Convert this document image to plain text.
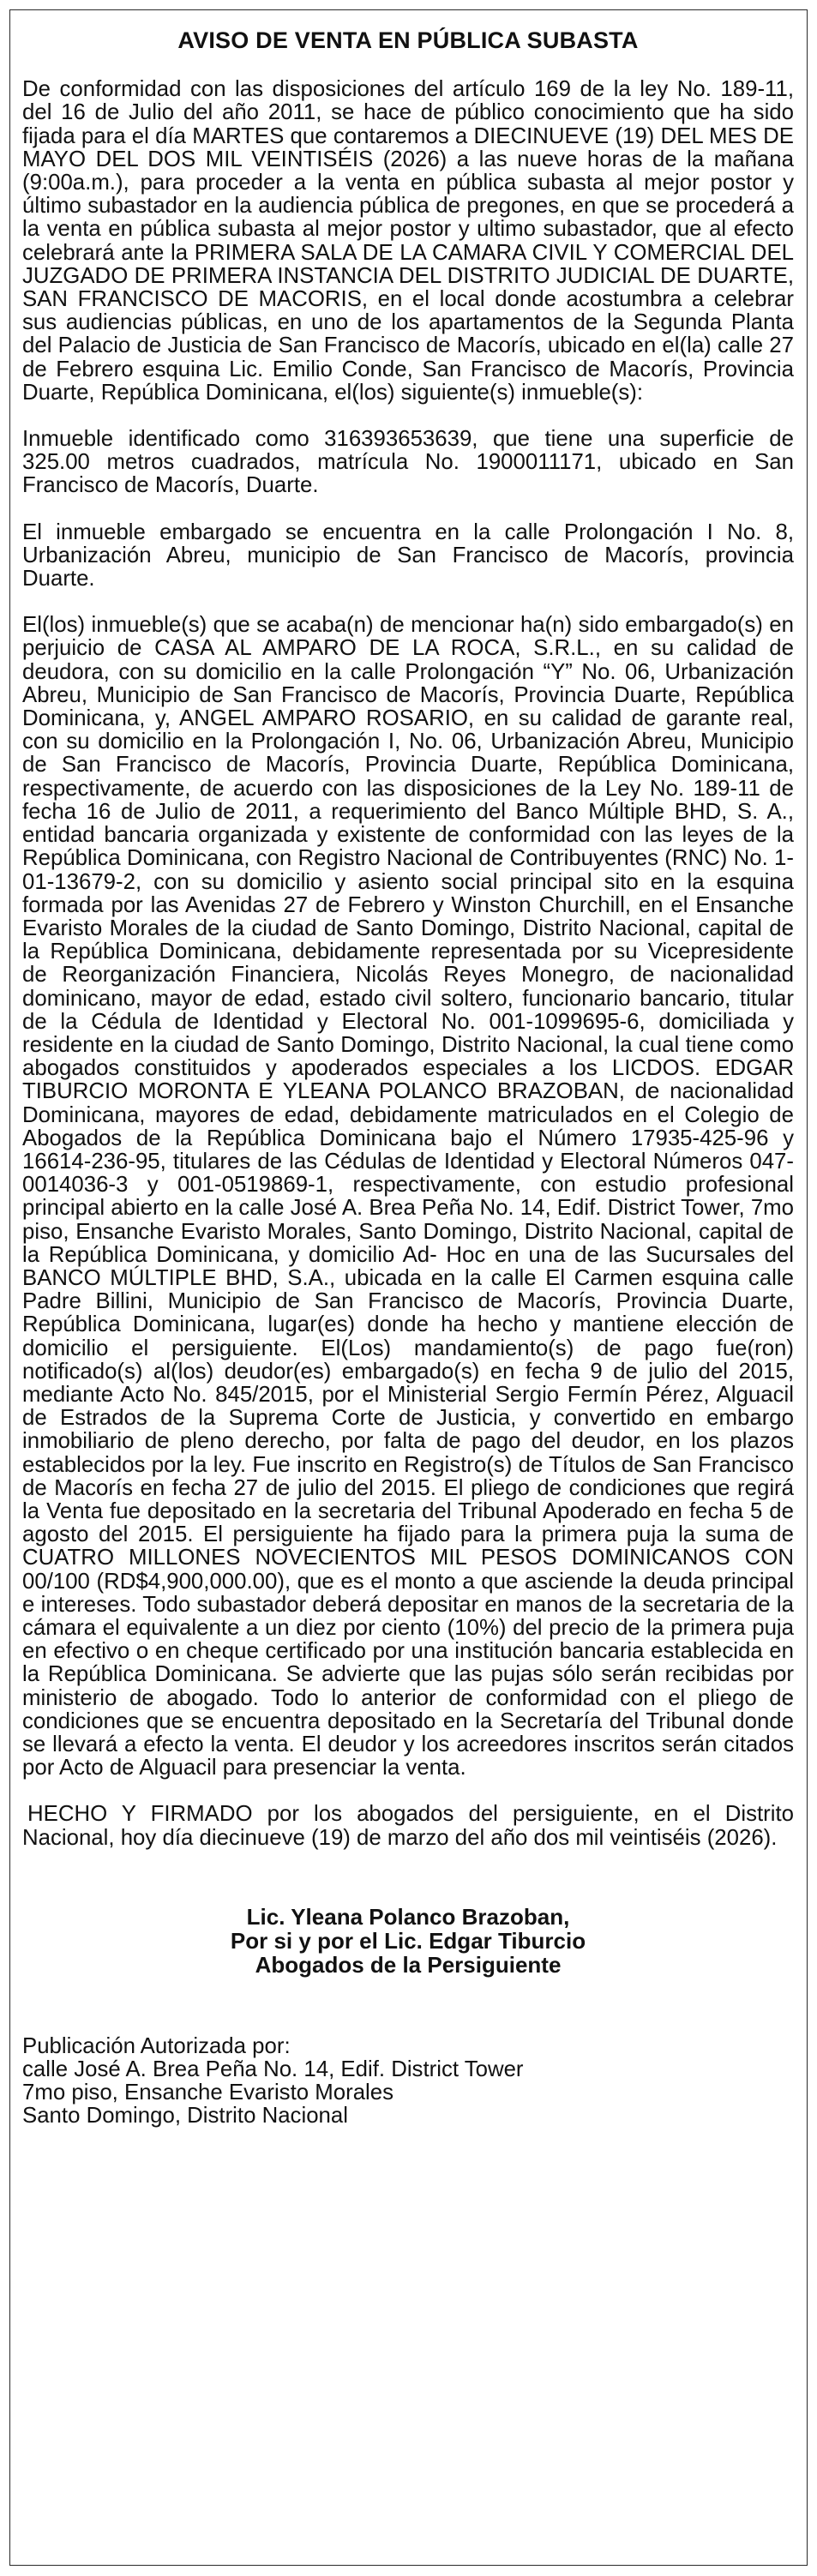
AVISO DE VENTA EN PÚBLICA SUBASTA

De conformidad con las disposiciones del artículo 169 de la ley No. 189-11, del 16 de Julio del año 2011, se hace de público conocimiento que ha sido fijada para el día MARTES que contaremos a DIECINUEVE (19) DEL MES DE MAYO DEL DOS MIL VEINTISÉIS (2026) a las nueve horas de la mañana (9:00a.m.), para proceder a la venta en pública subasta al mejor postor y último subastador en la audiencia pública de pregones, en que se procederá a la venta en pública subasta al mejor postor y ultimo subastador, que al efecto celebrará ante la PRIMERA SALA DE LA CAMARA CIVIL Y COMERCIAL DEL JUZGADO DE PRIMERA INSTANCIA DEL DISTRITO JUDICIAL DE DUARTE, SAN FRANCISCO DE MACORIS, en el local donde acostumbra a celebrar sus audiencias públicas, en uno de los apartamentos de la Segunda Planta del Palacio de Justicia de San Francisco de Macorís, ubicado en el(la) calle 27 de Febrero esquina Lic. Emilio Conde, San Francisco de Macorís, Provincia Duarte, República Dominicana, el(los) siguiente(s) inmueble(s):

Inmueble identificado como 316393653639, que tiene una superficie de 325.00 metros cuadrados, matrícula No. 1900011171, ubicado en San Francisco de Macorís, Duarte.

El inmueble embargado se encuentra en la calle Prolongación I No. 8, Urbanización Abreu, municipio de San Francisco de Macorís, provincia Duarte.

El(los) inmueble(s) que se acaba(n) de mencionar ha(n) sido embargado(s) en perjuicio de CASA AL AMPARO DE LA ROCA, S.R.L., en su calidad de deudora, con su domicilio en la calle Prolongación “Y” No. 06, Urbanización Abreu, Municipio de San Francisco de Macorís, Provincia Duarte, República Dominicana, y, ANGEL AMPARO ROSARIO, en su calidad de garante real, con su domicilio en la Prolongación I, No. 06, Urbanización Abreu, Municipio de San Francisco de Macorís, Provincia Duarte, República Dominicana, respectivamente, de acuerdo con las disposiciones de la Ley No. 189-11 de fecha 16 de Julio de 2011, a requerimiento del Banco Múltiple BHD, S. A., entidad bancaria organizada y existente de conformidad con las leyes de la República Dominicana, con Registro Nacional de Contribuyentes (RNC) No. 1-01-13679-2, con su domicilio y asiento social principal sito en la esquina formada por las Avenidas 27 de Febrero y Winston Churchill, en el Ensanche Evaristo Morales de la ciudad de Santo Domingo, Distrito Nacional, capital de la República Dominicana, debidamente representada por su Vicepresidente de Reorganización Financiera, Nicolás Reyes Monegro, de nacionalidad dominicano, mayor de edad, estado civil soltero, funcionario bancario, titular de la Cédula de Identidad y Electoral No. 001-1099695-6, domiciliada y residente en la ciudad de Santo Domingo, Distrito Nacional, la cual tiene como abogados constituidos y apoderados especiales a los LICDOS. EDGAR TIBURCIO MORONTA E YLEANA POLANCO BRAZOBAN, de nacionalidad Dominicana, mayores de edad, debidamente matriculados en el Colegio de Abogados de la República Dominicana bajo el Número 17935-425-96 y 16614-236-95, titulares de las Cédulas de Identidad y Electoral Números 047-0014036-3 y 001-0519869-1, respectivamente, con estudio profesional principal abierto en la calle José A. Brea Peña No. 14, Edif. District Tower, 7mo piso, Ensanche Evaristo Morales, Santo Domingo, Distrito Nacional, capital de la República Dominicana, y domicilio Ad- Hoc en una de las Sucursales del BANCO MÚLTIPLE BHD, S.A., ubicada en la calle El Carmen esquina calle Padre Billini, Municipio de San Francisco de Macorís, Provincia Duarte, República Dominicana, lugar(es) donde ha hecho y mantiene elección de domicilio el persiguiente. El(Los) mandamiento(s) de pago fue(ron) notificado(s) al(los) deudor(es) embargado(s) en fecha 9 de julio del 2015, mediante Acto No. 845/2015, por el Ministerial Sergio Fermín Pérez, Alguacil de Estrados de la Suprema Corte de Justicia, y convertido en embargo inmobiliario de pleno derecho, por falta de pago del deudor, en los plazos establecidos por la ley. Fue inscrito en Registro(s) de Títulos de San Francisco de Macorís en fecha 27 de julio del 2015. El pliego de condiciones que regirá la Venta fue depositado en la secretaria del Tribunal Apoderado en fecha 5 de agosto del 2015. El persiguiente ha fijado para la primera puja la suma de CUATRO MILLONES NOVECIENTOS MIL PESOS DOMINICANOS CON 00/100 (RD$4,900,000.00), que es el monto a que asciende la deuda principal e intereses. Todo subastador deberá depositar en manos de la secretaria de la cámara el equivalente a un diez por ciento (10%) del precio de la primera puja en efectivo o en cheque certificado por una institución bancaria establecida en la República Dominicana. Se advierte que las pujas sólo serán recibidas por ministerio de abogado. Todo lo anterior de conformidad con el pliego de condiciones que se encuentra depositado en la Secretaría del Tribunal donde se llevará a efecto la venta. El deudor y los acreedores inscritos serán citados por Acto de Alguacil para presenciar la venta.

HECHO Y FIRMADO por los abogados del persiguiente, en el Distrito Nacional, hoy día diecinueve (19) de marzo del año dos mil veintiséis (2026).

Lic. Yleana Polanco Brazoban,
Por si y por el Lic. Edgar Tiburcio
Abogados de la Persiguiente
Publicación Autorizada por:
calle José A. Brea Peña No. 14, Edif. District Tower
7mo piso, Ensanche Evaristo Morales
Santo Domingo, Distrito Nacional
